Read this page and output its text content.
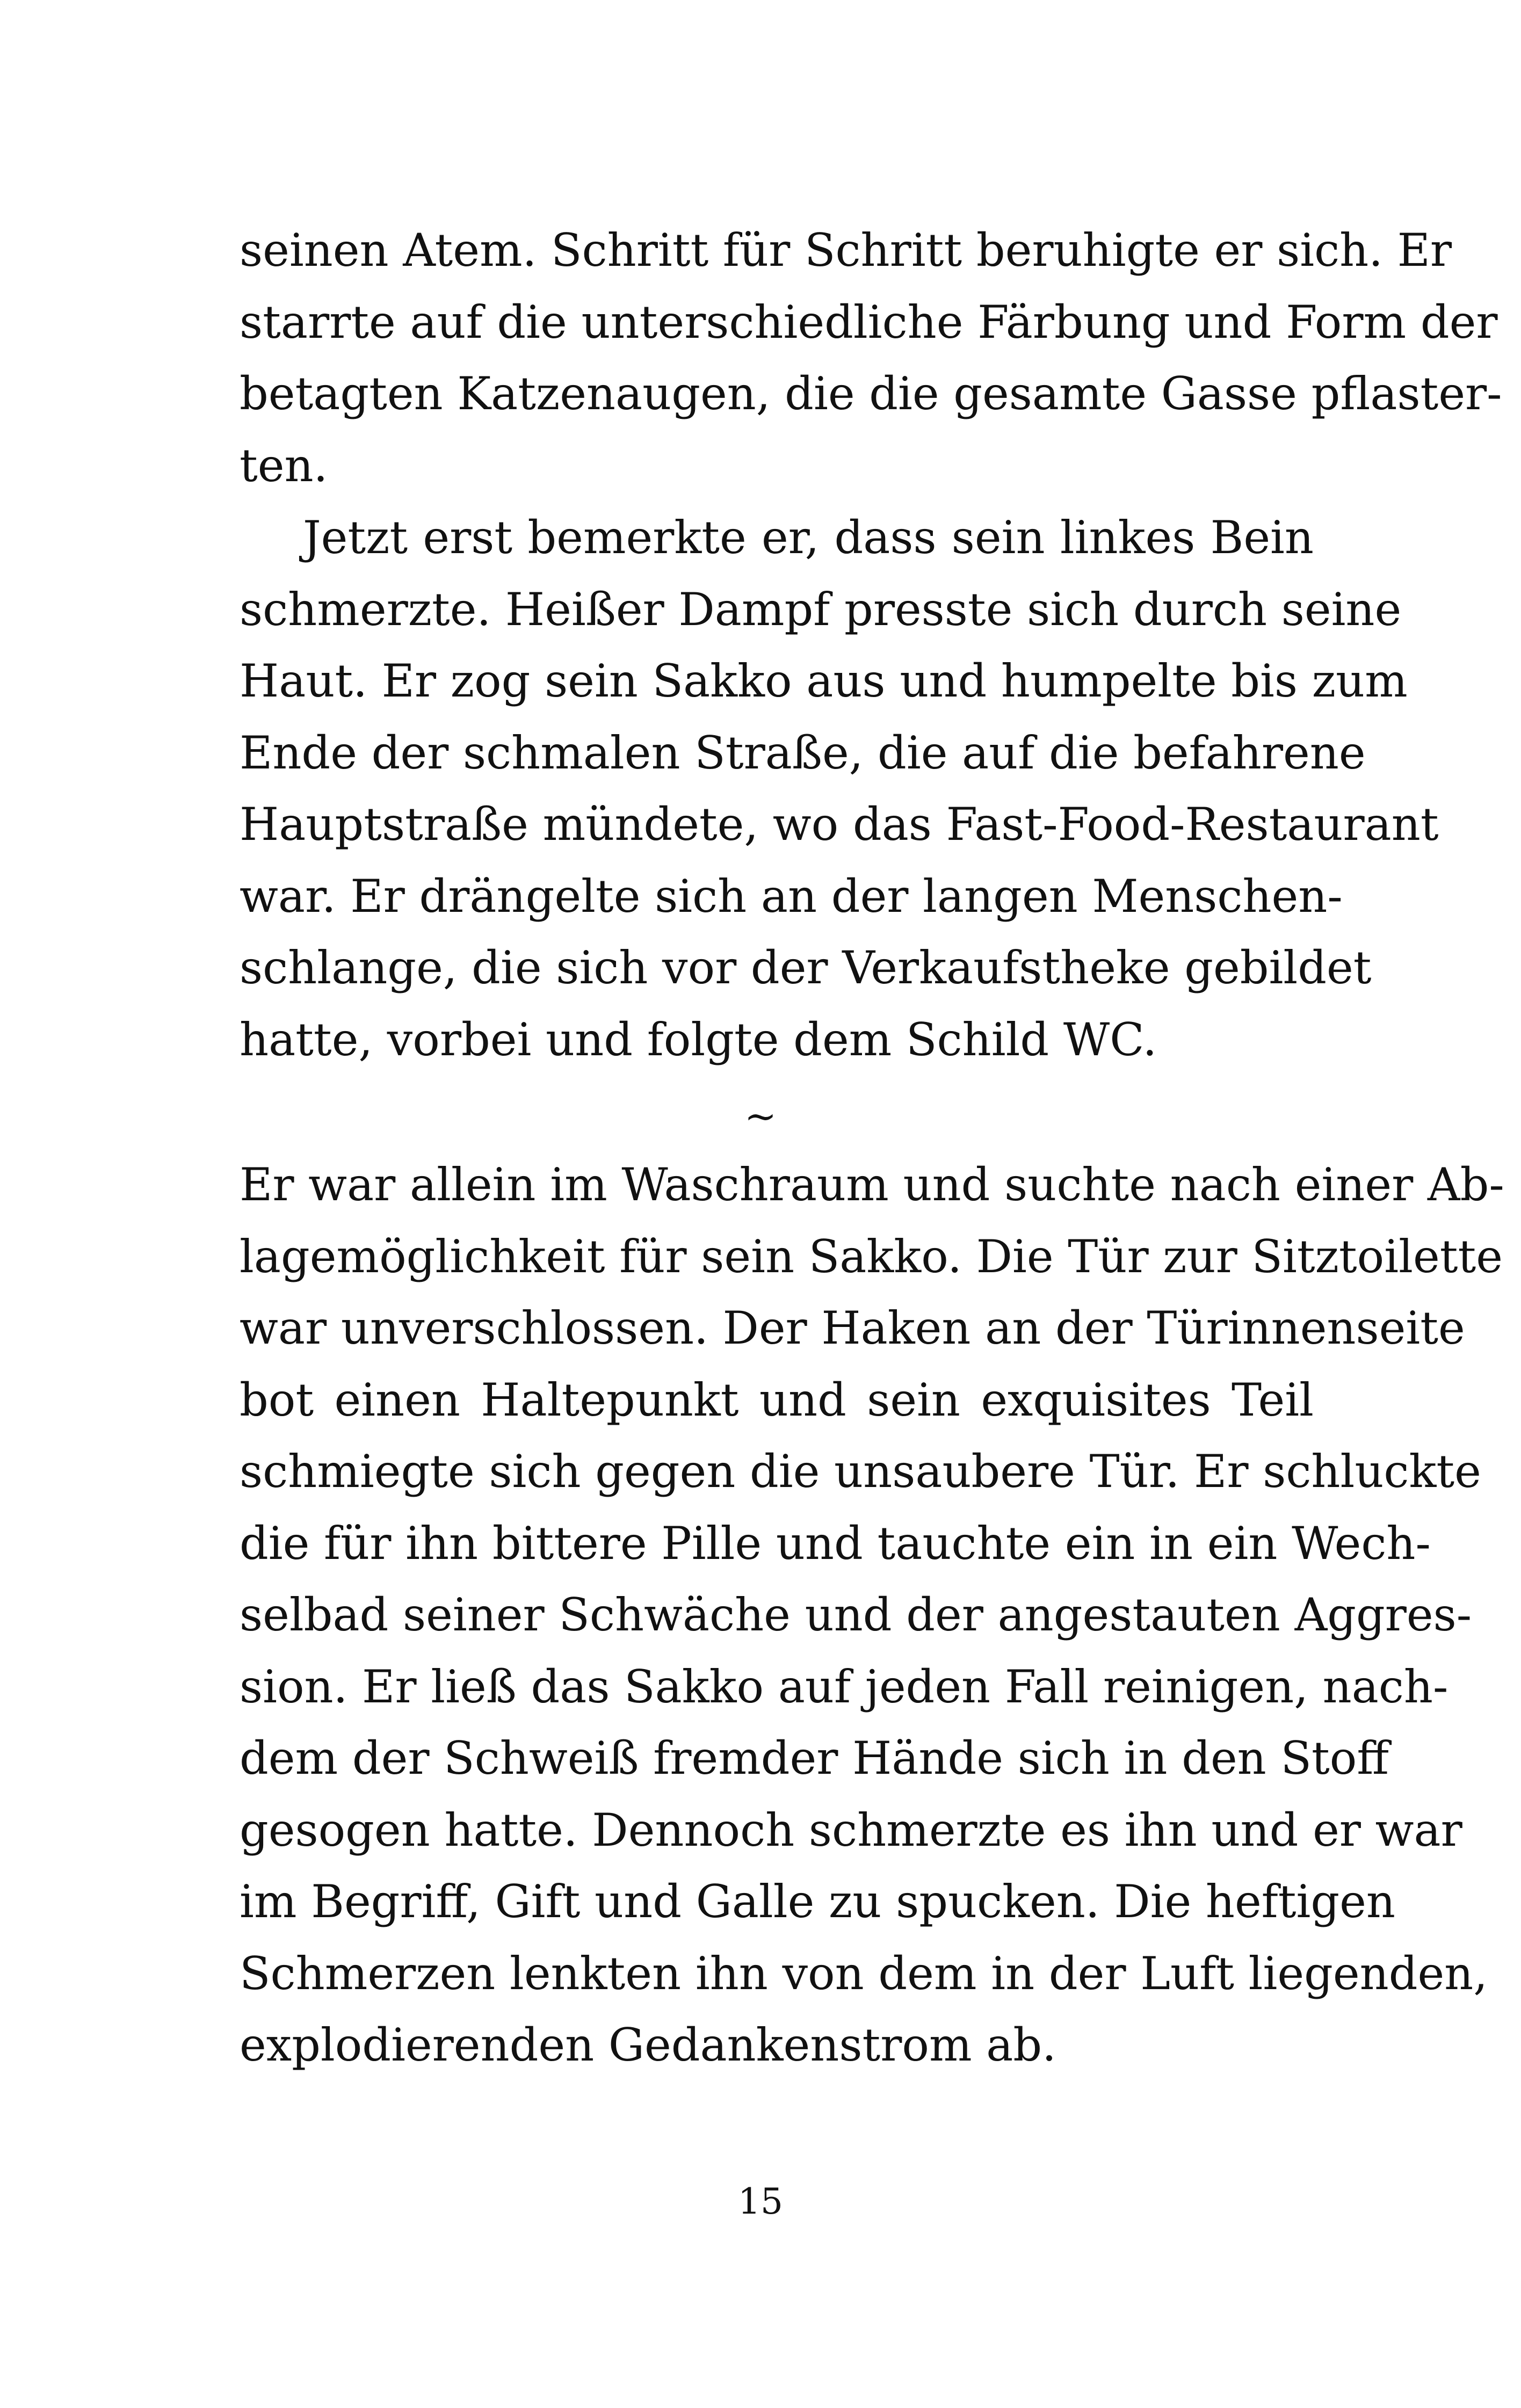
seinen Atem. Schritt für Schritt beruhigte er sich. Er
starrte auf die unterschiedliche Färbung und Form der
betagten Katzenaugen, die die gesamte Gasse pflaster-
ten.
Jetzt erst bemerkte er, dass sein linkes Bein
schmerzte. Heißer Dampf presste sich durch seine
Haut. Er zog sein Sakko aus und humpelte bis zum
Ende der schmalen Straße, die auf die befahrene
Hauptstraße mündete, wo das Fast-Food-Restaurant
war. Er drängelte sich an der langen Menschen-
schlange, die sich vor der Verkaufstheke gebildet
hatte, vorbei und folgte dem Schild WC.
~
Er war allein im Waschraum und suchte nach einer Ab-
lagemöglichkeit für sein Sakko. Die Tür zur Sitztoilette
war unverschlossen. Der Haken an der Türinnenseite
bot einen Haltepunkt und sein exquisites Teil
schmiegte sich gegen die unsaubere Tür. Er schluckte
die für ihn bittere Pille und tauchte ein in ein Wech-
selbad seiner Schwäche und der angestauten Aggres-
sion. Er ließ das Sakko auf jeden Fall reinigen, nach-
dem der Schweiß fremder Hände sich in den Stoff
gesogen hatte. Dennoch schmerzte es ihn und er war
im Begriff, Gift und Galle zu spucken. Die heftigen
Schmerzen lenkten ihn von dem in der Luft liegenden,
explodierenden Gedankenstrom ab.
15
